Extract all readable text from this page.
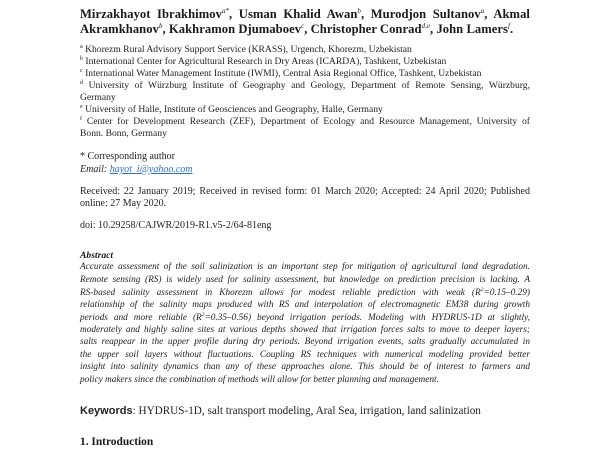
Mirzakhayot Ibrakhimov$^{a*}$, Usman Khalid Awan$^b$, Murodjon Sultanov$^a$, Akmal
Akramkhanov$^b$, Kakhramon Djumaboev$^c$, Christopher Conrad$^{d,e}$, John Lamers$^f$.
$^a$ Khorezm Rural Advisory Support Service (KRASS), Urgench, Khorezm, Uzbekistan
$^b$ International Center for Agricultural Research in Dry Areas (ICARDA), Tashkent, Uzbekistan
$^c$ International Water Management Institute (IWMI), Central Asia Regional Office, Tashkent, Uzbekistan
$^d$ University of Würzburg Institute of Geography and Geology, Department of Remote Sensing, Würzburg,
Germany
$^e$ University of Halle, Institute of Geosciences and Geography, Halle, Germany
$^f$ Center for Development Research (ZEF), Department of Ecology and Resource Management, University of
Bonn. Bonn, Germany
* Corresponding author
Email: hayot_i@yahoo.com
Received: 22 January 2019; Received in revised form: 01 March 2020; Accepted: 24 April 2020; Published
online: 27 May 2020.
doi: 10.29258/CAJWR/2019-R1.v5-2/64-81eng
Abstract
Accurate assessment of the soil salinization is an important step for mitigation of agricultural land degradation.
Remote sensing (RS) is widely used for salinity assessment, but knowledge on prediction precision is lacking. A
RS-based salinity assessment in Khorezm allows for modest reliable prediction with weak $(R^2=0.15-0.29)$
relationship of the salinity maps produced with RS and interpolation of electromagnetic EM38 during growth
periods and more reliable $(R^2=0.35-0.56)$ beyond irrigation periods. Modeling with HYDRUS-1D at slightly,
moderately and highly saline sites at various depths showed that irrigation forces salts to move to deeper layers;
salts reappear in the upper profile during dry periods. Beyond irrigation events, salts gradually accumulated in
the upper soil layers without fluctuations. Coupling RS techniques with numerical modeling provided better
insight into salinity dynamics than any of these approaches alone. This should be of interest to farmers and
policy makers since the combination of methods will allow for better planning and management.
Keywords: HYDRUS-1D, salt transport modeling, Aral Sea, irrigation, land salinization
1. Introduction
